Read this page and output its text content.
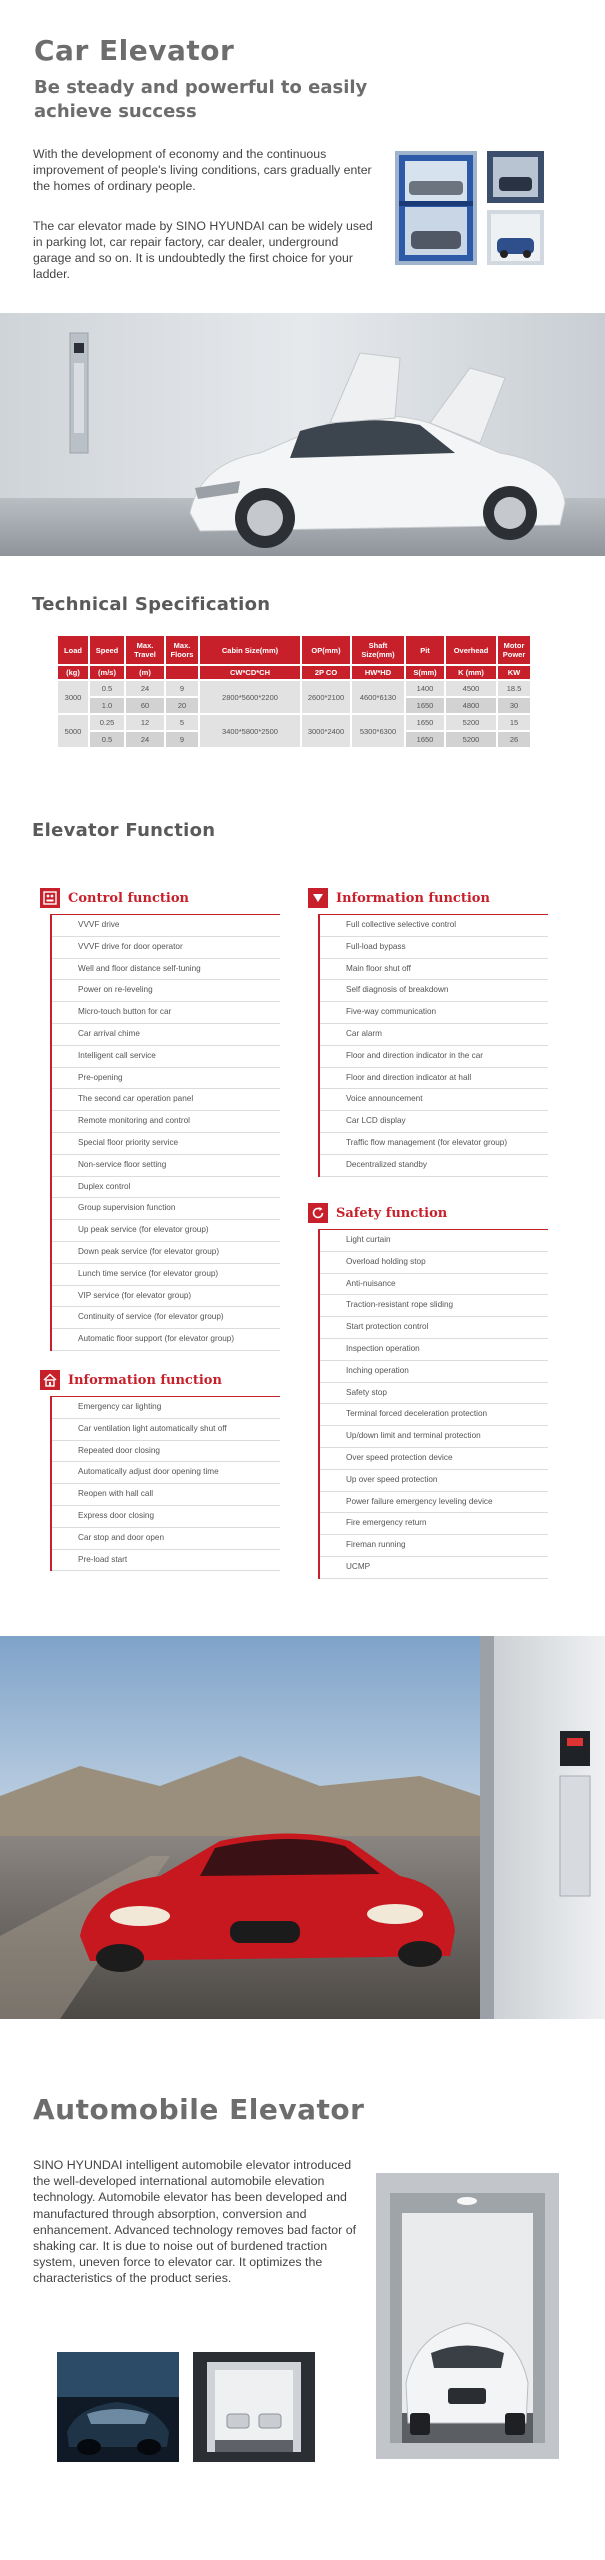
Car Elevator
Be steady and powerful to easily
achieve success
With the development of economy and the continuous improvement of people's living conditions, cars gradually enter the homes of ordinary people.
The car elevator made by SINO HYUNDAI can be widely used in parking lot, car repair factory, car dealer, underground garage and so on. It is undoubtedly the first choice for your ladder.
Technical Specification
Load	Speed	Max. Travel	Max. Floors	Cabin Size(mm)	OP(mm)	Shaft Size(mm)	Pit	Overhead	Motor Power
(kg)	(m/s)	(m)		CW*CD*CH	2P CO	HW*HD	S(mm)	K (mm)	KW
3000	0.5	24	9	2800*5600*2200	2600*2100	4600*6130	1400	4500	18.5
	1.0	60	20				1650	4800	30
5000	0.25	12	5	3400*5800*2500	3000*2400	5300*6300	1650	5200	15
	0.5	24	9				1650	5200	26
Elevator Function
Control function
VVVF drive
VVVF drive for door operator
Well and floor distance self-tuning
Power on re-leveling
Micro-touch button for car
Car arrival chime
Intelligent call service
Pre-opening
The second car operation panel
Remote monitoring and control
Special floor priority service
Non-service floor setting
Duplex control
Group supervision function
Up peak service (for elevator group)
Down peak service (for elevator group)
Lunch time service (for elevator group)
VIP service (for elevator group)
Continuity of service (for elevator group)
Automatic floor support (for elevator group)
Information function
Emergency car lighting
Car ventilation light automatically shut off
Repeated door closing
Automatically adjust door opening time
Reopen with hall call
Express door closing
Car stop and door open
Pre-load start
Information function
Full collective selective control
Full-load bypass
Main floor shut off
Self diagnosis of breakdown
Five-way communication
Car alarm
Floor and direction indicator in the car
Floor and direction indicator at hall
Voice announcement
Car LCD display
Traffic flow management (for elevator group)
Decentralized standby
Safety function
Light curtain
Overload holding stop
Anti-nuisance
Traction-resistant rope sliding
Start protection control
Inspection operation
Inching operation
Safety stop
Terminal forced deceleration protection
Up/down limit and terminal protection
Over speed protection device
Up over speed protection
Power failure emergency leveling device
Fire emergency return
Fireman running
UCMP
Automobile Elevator
SINO HYUNDAI intelligent automobile elevator introduced the well-developed international automobile elevation technology. Automobile elevator has been developed and manufactured through absorption, conversion and enhancement. Advanced technology removes bad factor of shaking car. It is due to noise out of burdened traction system, uneven force to elevator car. It optimizes the characteristics of the product series.
